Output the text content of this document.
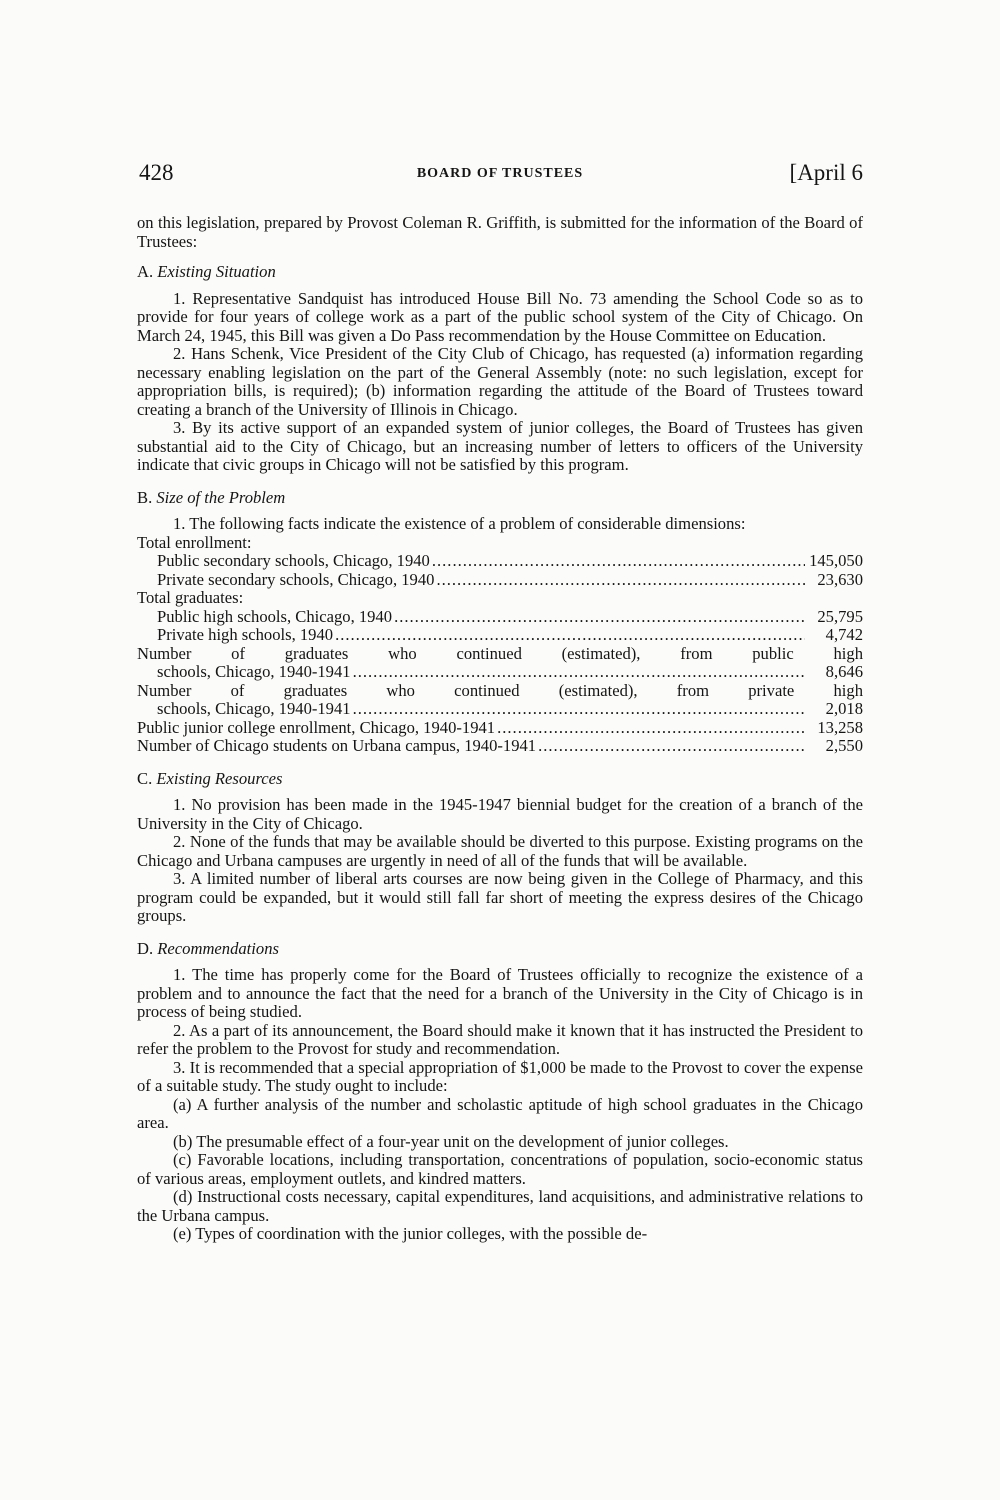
428	BOARD OF TRUSTEES	[April 6

on this legislation, prepared by Provost Coleman R. Griffith, is submitted for the information of the Board of Trustees:

A. Existing Situation

1. Representative Sandquist has introduced House Bill No. 73 amending the School Code so as to provide for four years of college work as a part of the public school system of the City of Chicago. On March 24, 1945, this Bill was given a Do Pass recommendation by the House Committee on Education.

2. Hans Schenk, Vice President of the City Club of Chicago, has requested (a) information regarding necessary enabling legislation on the part of the General Assembly (note: no such legislation, except for appropriation bills, is required); (b) information regarding the attitude of the Board of Trustees toward creating a branch of the University of Illinois in Chicago.

3. By its active support of an expanded system of junior colleges, the Board of Trustees has given substantial aid to the City of Chicago, but an increasing number of letters to officers of the University indicate that civic groups in Chicago will not be satisfied by this program.

B. Size of the Problem

1. The following facts indicate the existence of a problem of considerable dimensions:

Total enrollment:

Public secondary schools, Chicago, 1940 .....	145,050
Private secondary schools, Chicago, 1940 .....	23,630

Total graduates:

Public high schools, Chicago, 1940 .....	25,795
Private high schools, 1940 .....	4,742

Number of graduates who continued (estimated), from public high

schools, Chicago, 1940-1941 .....	8,646

Number of graduates who continued (estimated), from private high

schools, Chicago, 1940-1941 .....	2,018
Public junior college enrollment, Chicago, 1940-1941 .....	13,258
Number of Chicago students on Urbana campus, 1940-1941 .....	2,550

C. Existing Resources

1. No provision has been made in the 1945-1947 biennial budget for the creation of a branch of the University in the City of Chicago.

2. None of the funds that may be available should be diverted to this purpose. Existing programs on the Chicago and Urbana campuses are urgently in need of all of the funds that will be available.

3. A limited number of liberal arts courses are now being given in the College of Pharmacy, and this program could be expanded, but it would still fall far short of meeting the express desires of the Chicago groups.

D. Recommendations

1. The time has properly come for the Board of Trustees officially to recognize the existence of a problem and to announce the fact that the need for a branch of the University in the City of Chicago is in process of being studied.

2. As a part of its announcement, the Board should make it known that it has instructed the President to refer the problem to the Provost for study and recommendation.

3. It is recommended that a special appropriation of $1,000 be made to the Provost to cover the expense of a suitable study. The study ought to include:

(a) A further analysis of the number and scholastic aptitude of high school graduates in the Chicago area.

(b) The presumable effect of a four-year unit on the development of junior colleges.

(c) Favorable locations, including transportation, concentrations of population, socio-economic status of various areas, employment outlets, and kindred matters.

(d) Instructional costs necessary, capital expenditures, land acquisitions, and administrative relations to the Urbana campus.

(e) Types of coordination with the junior colleges, with the possible de-
